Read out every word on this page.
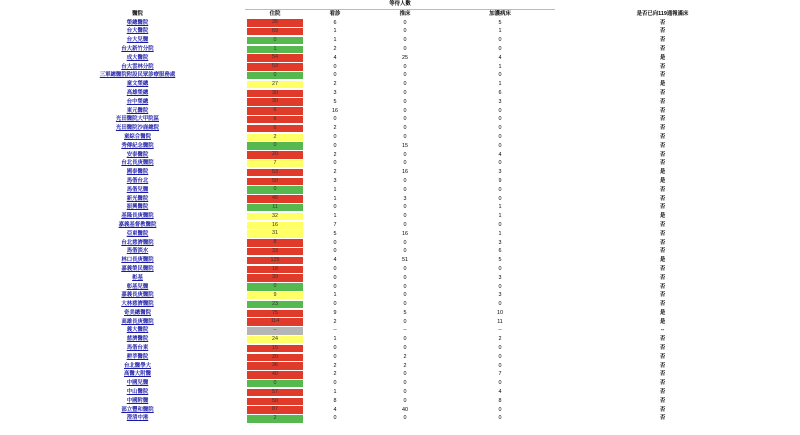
	等待人數			

醫院	住院	看診	推床	加護病床	是否已向119通報滿床
榮總醫院	35	6	0	5	否
台大醫院	69	1	0	1	否
台大兒醫	0	1	0	0	否
台大新竹分院	1	2	0	0	否
成大醫院	54	4	25	4	是
台大雲林分院	53	0	0	1	否
三軍總醫院附設民眾診療服務處	0	0	0	0	否
童文榮總	27	2	0	1	是
高雄榮總	30	3	0	6	否
台中榮總	30	5	0	3	否
東元醫院	6	16	0	0	否
光田醫院大甲院區	6	0	0	0	否
光田醫院沙鹿總院	6	2	0	0	否
童綜合醫院	2	0	0	0	否
秀傳紀念醫院	0	0	15	0	否
安泰醫院	20	2	0	4	否
台北長庚醫院	7	0	0	0	否
國泰醫院	53	2	16	3	是
馬偕台北	50	3	0	9	是
馬偕兒醫	0	1	0	0	否
新光醫院	46	1	3	0	否
振興醫院	11	0	0	1	否
基隆長庚醫院	32	1	0	1	是
嘉義基督教醫院	16	7	0	0	否
亞東醫院	31	5	16	1	否
台北慈濟醫院	8	0	0	3	否
馬偕淡水	33	0	0	6	否
林口長庚醫院	125	4	51	5	是
嘉義榮民醫院	18	0	0	0	否
彰基	39	0	0	3	否
彰基兒醫	0	0	0	0	否
嘉義長庚醫院	9	1	0	3	否
大林慈濟醫院	23	0	0	0	否
奇美總醫院	75	9	5	10	是
高雄長庚醫院	114	2	0	11	是
義大醫院	--	--	--	--	--
慈濟醫院	24	1	0	2	否
馬偕台東	15	0	0	0	否
耕莘醫院	20	0	2	0	否
台北醫學大	36	2	2	0	否
高醫大附醫	40	2	0	7	否
中國兒醫	0	0	0	0	否
中山醫院	57	1	0	4	否
中國附醫	50	8	0	8	否
部立豐和醫院	87	4	40	0	否
澄清中港	2	0	0	0	否
